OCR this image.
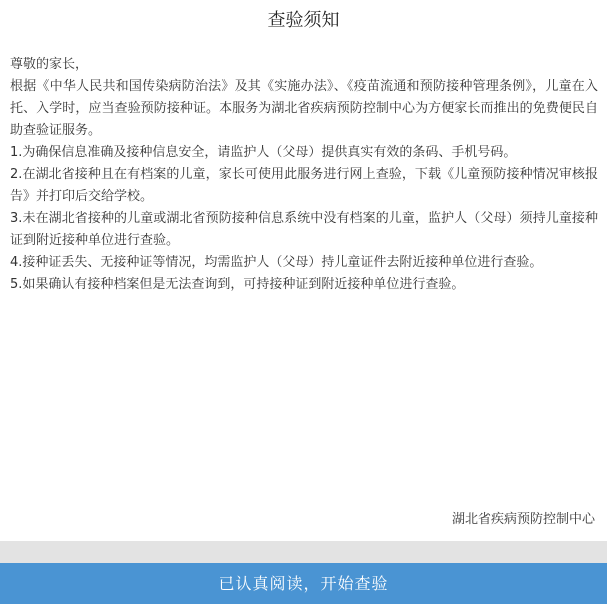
查验须知

尊敬的家长，

根据《中华人民共和国传染病防治法》及其《实施办法》、《疫苗流通和预防接种管理条例》，儿童在入托、入学时，应当查验预防接种证。本服务为湖北省疾病预防控制中心为方便家长而推出的免费便民自助查验证服务。

1.为确保信息准确及接种信息安全，请监护人（父母）提供真实有效的条码、手机号码。

2.在湖北省接种且在有档案的儿童，家长可使用此服务进行网上查验，下载《儿童预防接种情况审核报告》并打印后交给学校。

3.未在湖北省接种的儿童或湖北省预防接种信息系统中没有档案的儿童，监护人（父母）须持儿童接种证到附近接种单位进行查验。

4.接种证丢失、无接种证等情况，均需监护人（父母）持儿童证件去附近接种单位进行查验。

5.如果确认有接种档案但是无法查询到，可持接种证到附近接种单位进行查验。

湖北省疾病预防控制中心
已认真阅读，开始查验
